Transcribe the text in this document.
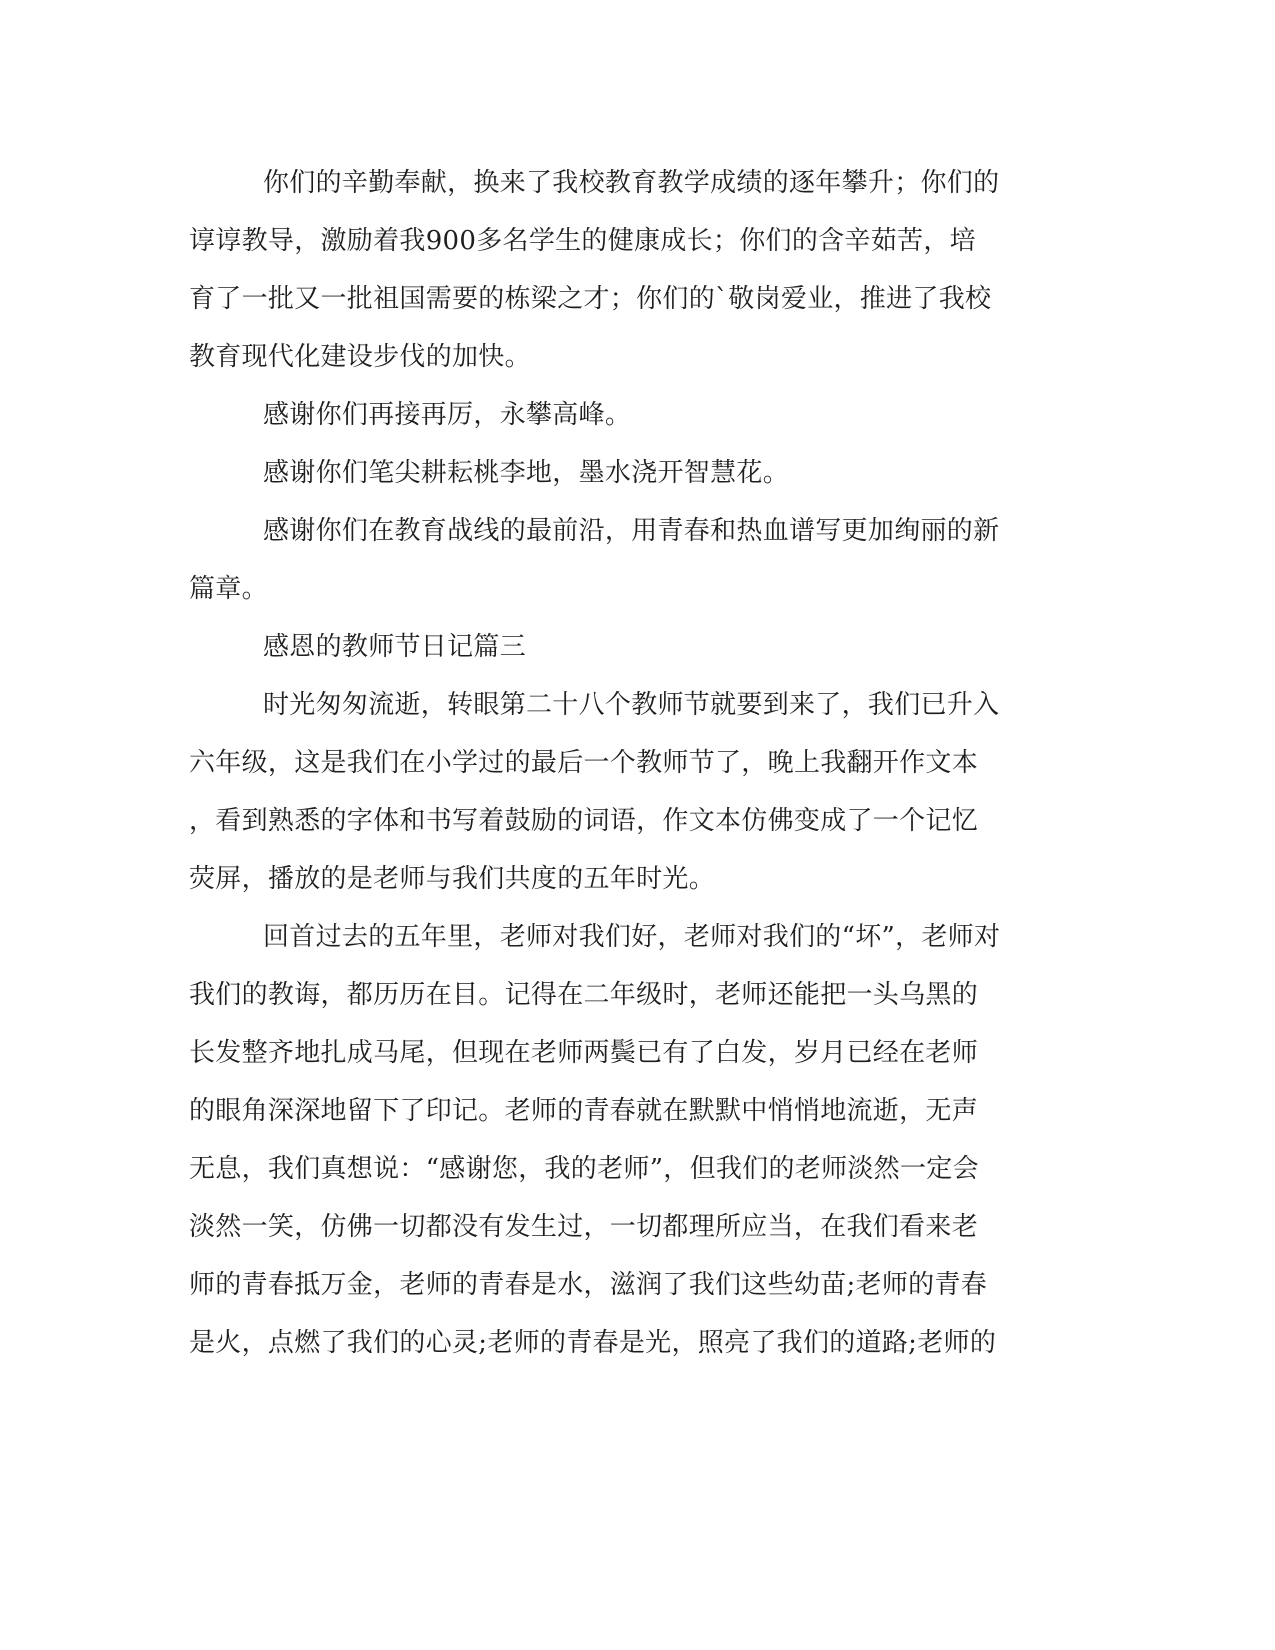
你们的辛勤奉献，换来了我校教育教学成绩的逐年攀升；你们的
谆谆教导，激励着我900多名学生的健康成长；你们的含辛茹苦，培
育了一批又一批祖国需要的栋梁之才；你们的`敬岗爱业，推进了我校
教育现代化建设步伐的加快。
感谢你们再接再厉，永攀高峰。
感谢你们笔尖耕耘桃李地，墨水浇开智慧花。
感谢你们在教育战线的最前沿，用青春和热血谱写更加绚丽的新
篇章。
感恩的教师节日记篇三
时光匆匆流逝，转眼第二十八个教师节就要到来了，我们已升入
六年级，这是我们在小学过的最后一个教师节了，晚上我翻开作文本
，看到熟悉的字体和书写着鼓励的词语，作文本仿佛变成了一个记忆
荧屏，播放的是老师与我们共度的五年时光。
回首过去的五年里，老师对我们好，老师对我们的“坏”，老师对
我们的教诲，都历历在目。记得在二年级时，老师还能把一头乌黑的
长发整齐地扎成马尾，但现在老师两鬓已有了白发，岁月已经在老师
的眼角深深地留下了印记。老师的青春就在默默中悄悄地流逝，无声
无息，我们真想说：“感谢您，我的老师”，但我们的老师淡然一定会
淡然一笑，仿佛一切都没有发生过，一切都理所应当，在我们看来老
师的青春抵万金，老师的青春是水，滋润了我们这些幼苗;老师的青春
是火，点燃了我们的心灵;老师的青春是光，照亮了我们的道路;老师的
